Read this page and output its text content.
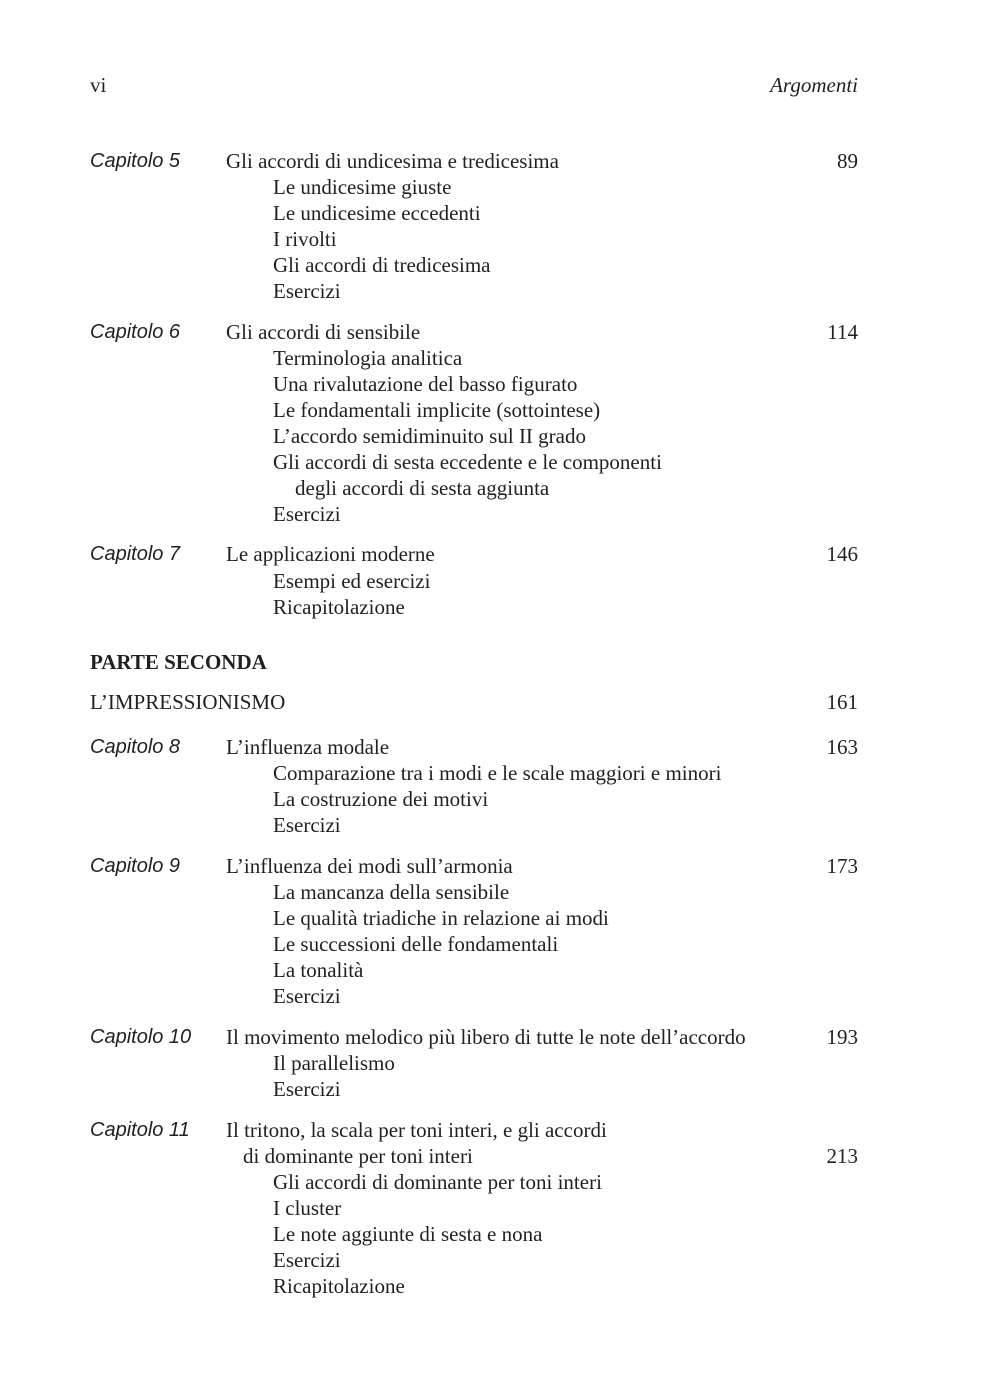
vi	Argomenti
Capitolo 5 Gli accordi di undicesima e tredicesima	89
Le undicesime giuste
Le undicesime eccedenti
I rivolti
Gli accordi di tredicesima
Esercizi
Capitolo 6 Gli accordi di sensibile	114
Terminologia analitica
Una rivalutazione del basso figurato
Le fondamentali implicite (sottointese)
L’accordo semidiminuito sul II grado
Gli accordi di sesta eccedente e le componenti
degli accordi di sesta aggiunta
Esercizi
Capitolo 7 Le applicazioni moderne	146
Esempi ed esercizi
Ricapitolazione
PARTE SECONDA
L’IMPRESSIONISMO	161
Capitolo 8 L’influenza modale	163
Comparazione tra i modi e le scale maggiori e minori
La costruzione dei motivi
Esercizi
Capitolo 9 L’influenza dei modi sull’armonia	173
La mancanza della sensibile
Le qualità triadiche in relazione ai modi
Le successioni delle fondamentali
La tonalità
Esercizi
Capitolo 10 Il movimento melodico più libero di tutte le note dell’accordo	193
Il parallelismo
Esercizi
Capitolo 11 Il tritono, la scala per toni interi, e gli accordi
di dominante per toni interi	213
Gli accordi di dominante per toni interi
I cluster
Le note aggiunte di sesta e nona
Esercizi
Ricapitolazione
